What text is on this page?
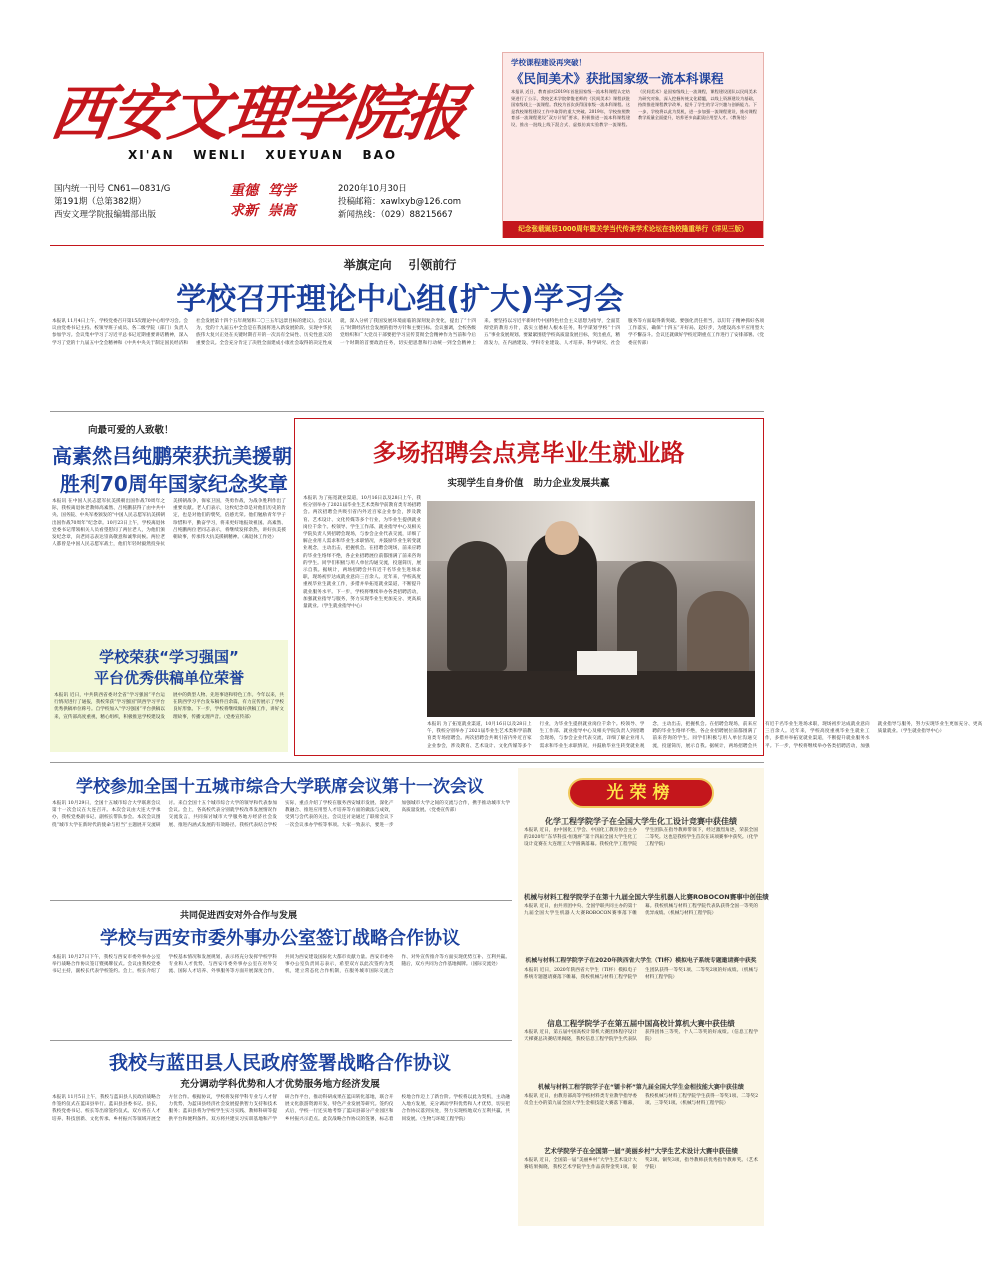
西安文理学院报
XI'AN   WENLI   XUEYUAN   BAO
国内统一刊号 CN61—0831/G
第191期（总第382期）
西安文理学院报编辑部出版
重德  笃学
求新  崇高
2020年10月30日
投稿邮箱：xawlxyb@126.com
新闻热线：（029）88215667
学校课程建设再突破！
《民间美术》获批国家级一流本科课程
本报讯 近日，教育部对2019年首批国家级一流本科课程认定结果进行了公示，我校艺术学院徐俊老师的《民间美术》课程获批国家级线上一流课程。我校为首次获得国家级一流本科课程。这是我校课程建设工作中取得的重大突破。2019年，学校按照教育部一流课程建设“双万计划”要求，积极推进一流本科课程建设，推出一批线上线下混合式、虚拟仿真实验教学一流课程。《民间美术》是国家级线上一流课程，课程建设团队以民间美术为研究对象，深入挖掘传统文化精髓，以线上资源建设为基础，持续推进课程教学改革，提升了学生的学习兴趣与创新能力。下一步，学校将以此为契机，进一步加强一流课程建设，推动课程教学质量全面提升，培养更多高素质应用型人才。（教务处）
纪念张载诞辰1000周年暨关学当代传承学术论坛在我校隆重举行（详见三版）
举旗定向    引领前行
学校召开理论中心组(扩大)学习会
本报讯 11月4日上午，学校党委召开第15次理论中心组学习会。会议由党委书记主持。校领导班子成员、各二级学院（部门）负责人参加学习。会议集中学习了习近平总书记近期重要讲话精神，深入学习了党的十九届五中全会精神和《中共中央关于制定国民经济和社会发展第十四个五年规划和二〇三五年远景目标的建议》。会议认为，党的十九届五中全会是在我国将进入新发展阶段、实现中华民族伟大复兴正处在关键时期召开的一次具有全局性、历史性意义的重要会议。全会充分肯定了决胜全面建成小康社会取得的决定性成就，深入分析了我国发展环境面临的深刻复杂变化，提出了“十四五”时期经济社会发展的指导方针和主要目标。会议强调，全校各级党组织和广大党员干部要把学习宣传贯彻全会精神作为当前和今后一个时期的首要政治任务，切实把思想和行动统一到全会精神上来。要坚持以习近平新时代中国特色社会主义思想为指导，全面贯彻党的教育方针，落实立德树人根本任务，科学谋划学校“十四五”事业发展规划。要紧紧围绕学校高质量发展目标，突出重点，精准发力，在内涵建设、学科专业建设、人才培养、科学研究、社会服务等方面取得新突破。要强化责任担当，以钉钉子精神抓好各项工作落实，确保“十四五”开好局、起好步，为建设高水平应用型大学不懈奋斗。会议还就做好学校近期重点工作进行了安排部署。（党委宣传部）
向最可爱的人致敬！
高素然吕纯鹏荣获抗美援朝
胜利70周年国家纪念奖章
本报讯 在中国人民志愿军抗美援朝出国作战70周年之际，我校离退休老教师高素然、吕纯鹏获得了由中共中央、国务院、中央军委颁发的“中国人民志愿军抗美援朝出国作战70周年”纪念章。10月23日上午，学校离退休党委书记带领相关人员看望慰问了两位老人，为他们颁发纪念章，向老同志表达崇高敬意和诚挚问候。两位老人都曾是中国人民志愿军战士，他们年轻时毅然投身抗美援朝战争，保家卫国，英勇作战，为战争胜利作出了重要贡献。老人们表示，这枚纪念章是对他们历史的肯定，也是对他们的褒奖，倍感光荣。他们勉励青年学子珍惜和平，勤奋学习，将来更好地报效祖国。高素然、吕纯鹏两位老同志表示，将继续发挥余热，讲好抗美援朝故事，传承伟大抗美援朝精神。（离退休工作处）
学校荣获“学习强国”
平台优秀供稿单位荣誉
本报讯 近日，中共陕西省委对全省“学习强国”平台运行情况进行了通报，我校荣获“学习强国”陕西学习平台优秀供稿单位称号。自学校加入“学习强国”平台供稿以来，宣传部高度重视，精心组织，积极推送学校建设发展中的典型人物、先进事迹和特色工作。今年以来，共在陕西学习平台发布稿件百余篇，有力宣传展示了学校良好形象。下一步，学校将继续做好供稿工作，讲好文理故事，传播文理声音。（党委宣传部）
多场招聘会点亮毕业生就业路
实现学生自身价值   助力企业发展共赢
本报讯 为了拓宽就业渠道，10月16日以及28日上午，我校分别举办了2021届毕业生艺术类和学前教育类专场招聘会。两次招聘会共吸引省内外近百家企业参会，涉及教育、艺术设计、文化传媒等多个行业，为毕业生提供就业岗位千余个。校领导、学生工作部、就业指导中心及相关学院负责人到招聘会现场，与参会企业代表交流，详细了解企业用人需求和毕业生求职情况，并鼓励毕业生转变就业观念，主动出击，把握机会。在招聘会现场，前来应聘的毕业生络绎不绝，各企业招聘展位前都围满了前来咨询的学生。同学们积极与用人单位沟通交流，投递简历，展示自我。据统计，两场招聘会共有近千名毕业生进场求职，现场初步达成就业意向三百余人。近年来，学校高度重视毕业生就业工作，多措并举拓宽就业渠道，不断提升就业服务水平。下一步，学校将继续举办各类招聘活动，加强就业指导与服务，努力实现毕业生更加充分、更高质量就业。（学生就业指导中心）
本报讯 为了拓宽就业渠道，10月16日以及28日上午，我校分别举办了2021届毕业生艺术类和学前教育类专场招聘会。两次招聘会共吸引省内外近百家企业参会，涉及教育、艺术设计、文化传媒等多个行业，为毕业生提供就业岗位千余个。校领导、学生工作部、就业指导中心及相关学院负责人到招聘会现场，与参会企业代表交流，详细了解企业用人需求和毕业生求职情况，并鼓励毕业生转变就业观念，主动出击，把握机会。在招聘会现场，前来应聘的毕业生络绎不绝，各企业招聘展位前都围满了前来咨询的学生。同学们积极与用人单位沟通交流，投递简历，展示自我。据统计，两场招聘会共有近千名毕业生进场求职，现场初步达成就业意向三百余人。近年来，学校高度重视毕业生就业工作，多措并举拓宽就业渠道，不断提升就业服务水平。下一步，学校将继续举办各类招聘活动，加强就业指导与服务，努力实现毕业生更加充分、更高质量就业。（学生就业指导中心）
学校参加全国十五城市综合大学联席会议第十一次会议
本报讯 10月29日，全国十五城市综合大学联席会议第十一次会议在大连召开。本次会议由大连大学承办，我校党委副书记、副校长带队参会。本次会议围绕“城市大学在新时代的使命与担当”主题展开交流研讨。来自全国十五个城市综合大学的领导和代表参加会议。会上，各高校代表分别就学校改革发展情况作交流发言，共同探讨城市大学服务地方经济社会发展、推进内涵式发展的有效路径。我校代表结合学校实际，重点介绍了学校在服务西安城市发展、深化产教融合、推进应用型人才培养等方面的做法与成效，受到与会代表的关注。会议还讨论通过了联席会议下一次会议承办学校等事项。大家一致表示，要进一步加强城市大学之间的交流与合作，携手推动城市大学高质量发展。（党委宣传部）
共同促进西安对外合作与发展
学校与西安市委外事办公室签订战略合作协议
本报讯 10月27日下午，我校与西安市委外事办公室举行战略合作协议签订暨揭牌仪式。会议由我校党委书记主持，副校长代表学校签约。会上，校长介绍了学校基本情况和发展规划，表示将充分发挥学校学科专业和人才优势，与西安市委外事办公室在对外交流、国际人才培养、外事服务等方面开展深度合作，共同为西安建设国际化大都市贡献力量。西安市委外事办公室负责同志表示，希望双方以此次签约为契机，建立常态化合作机制，在服务城市国际交流合作、对外宣传推介等方面实现优势互补、互利共赢。随后，双方共同为合作基地揭牌。（国际交流处）
我校与蓝田县人民政府签署战略合作协议
充分调动学科优势和人才优势服务地方经济发展
本报讯 11月5日上午，我校与蓝田县人民政府战略合作签约仪式在蓝田县举行。蓝田县县委书记、县长，我校党委书记、校长等出席签约仪式。双方将在人才培养、科技创新、文化传承、乡村振兴等领域开展全方位合作。根据协议，学校将发挥学科专业与人才智力优势，为蓝田县经济社会发展提供智力支持和技术服务；蓝田县将为学校学生实习实践、教师科研等提供平台和便利条件。双方将共建实习实训基地和产学研合作平台，推动科研成果在蓝田转化落地，联合开展文化旅游资源开发、特色产业发展等研究。签约仪式后，学校一行还实地考察了蓝田县部分产业园区和乡村振兴示范点。此次战略合作协议的签署，标志着校地合作迈上了新台阶。学校将以此为契机，主动融入地方发展，充分调动学科优势和人才优势，切实把合作协议落到实处，努力实现校地双方互利共赢、共同发展。（生物与环境工程学院）
光荣榜
化学工程学院学子在全国大学生化工设计竞赛中获佳绩
本报讯 近日，由中国化工学会、中国化工教育协会主办的2020年“东华科技-恒逸杯”第十四届全国大学生化工设计竞赛在大连理工大学圆满落幕。我校化学工程学院学生团队在指导教师带领下，经过激烈角逐，荣获全国二等奖。这也是我校学生首次在该项赛事中获奖。（化学工程学院）
机械与材料工程学院学子在第十九届全国大学生机器人比赛ROBOCON赛事中创佳绩
本报讯 近日，由共青团中央、全国学联共同主办的第十九届全国大学生机器人大赛ROBOCON赛事落下帷幕。我校机械与材料工程学院代表队获得全国一等奖的优异成绩。（机械与材料工程学院）
机械与材料工程学院学子在2020年陕西省大学生（TI杯）模拟电子系统专题邀请赛中获奖
本报讯 近日，2020年陕西省大学生（TI杯）模拟电子系统专题邀请赛落下帷幕，我校机械与材料工程学院学生团队获得一等奖1项、二等奖2项的好成绩。（机械与材料工程学院）
信息工程学院学子在第五届中国高校计算机大赛中获佳绩
本报讯 近日，第五届中国高校计算机大赛团体程序设计天梯赛总决赛结果揭晓，我校信息工程学院学生代表队获得团体三等奖、个人二等奖的好成绩。（信息工程学院）
机械与材料工程学院学子在“镭卡杯”第九届全国大学生金相技能大赛中获佳绩
本报讯 近日，由教育部高等学校材料类专业教学指导委员会主办的第九届全国大学生金相技能大赛落下帷幕，我校机械与材料工程学院学生获得一等奖1项、二等奖2项、三等奖1项。（机械与材料工程学院）
艺术学院学子在全国第一届“美丽乡村”大学生艺术设计大赛中获佳绩
本报讯 近日，全国第一届“美丽乡村”大学生艺术设计大赛结果揭晓，我校艺术学院学生作品获得金奖1项、银奖2项、铜奖3项，指导教师获优秀指导教师奖。（艺术学院）
